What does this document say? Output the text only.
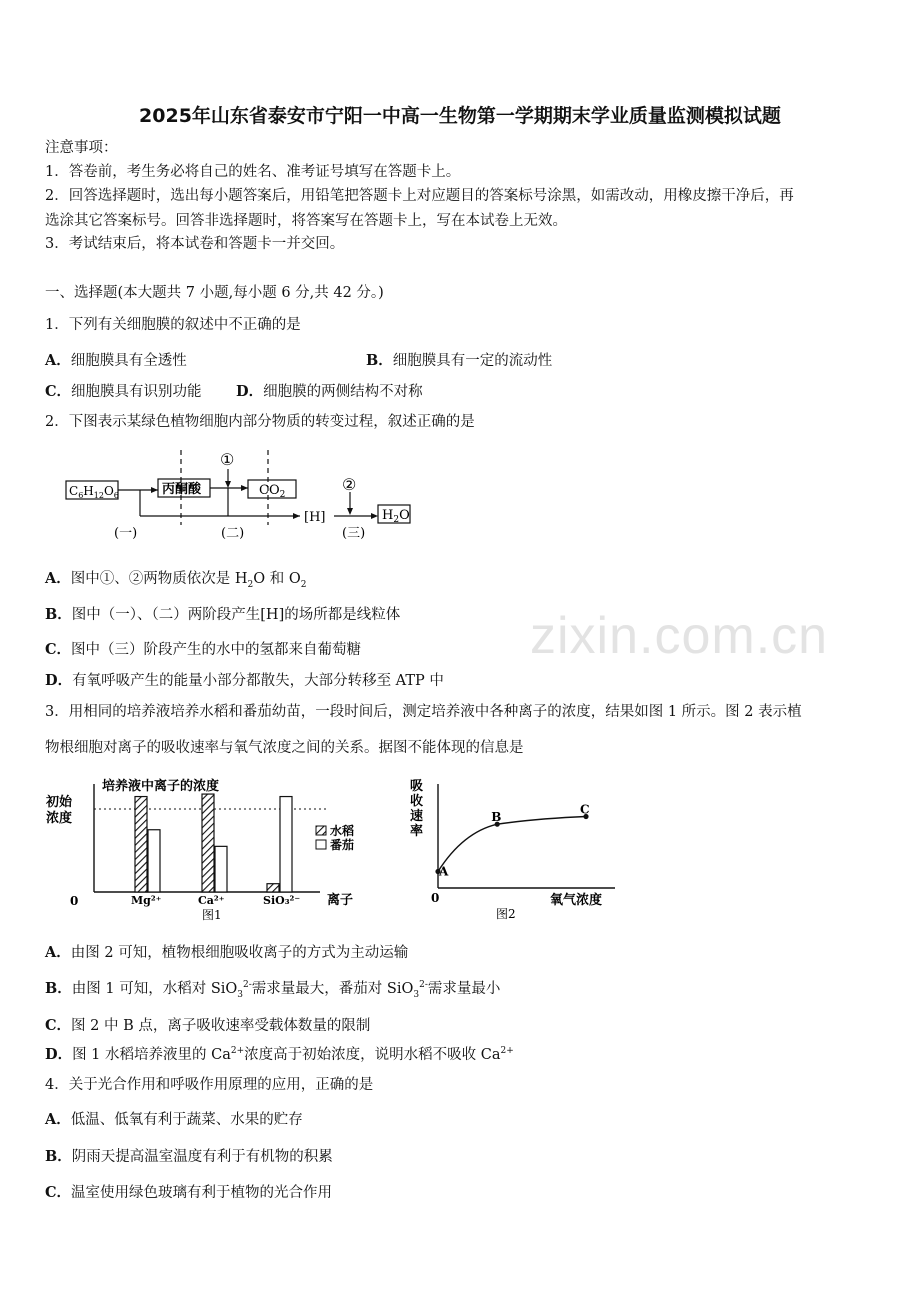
2025年山东省泰安市宁阳一中高一生物第一学期期末学业质量监测模拟试题
注意事项：
1．答卷前，考生务必将自己的姓名、准考证号填写在答题卡上。
2．回答选择题时，选出每小题答案后，用铅笔把答题卡上对应题目的答案标号涂黑，如需改动，用橡皮擦干净后，再
选涂其它答案标号。回答非选择题时，将答案写在答题卡上，写在本试卷上无效。
3．考试结束后，将本试卷和答题卡一并交回。
一、选择题(本大题共 7 小题,每小题 6 分,共 42 分。)
1．下列有关细胞膜的叙述中不正确的是
A．细胞膜具有全透性	B．细胞膜具有一定的流动性
C．细胞膜具有识别功能 D．细胞膜的两侧结构不对称
2．下图表示某绿色植物细胞内部分物质的转变过程，叙述正确的是
$C_6H_{12}O_6$	丙酮酸	$CO_2$
[H]	$H_2O$
①
②
(一)	(二)	(三)
A．图中①、②两物质依次是 $H_2O$ 和 $O_2$
B．图中（一）、（二）两阶段产生[H]的场所都是线粒体
C．图中（三）阶段产生的水中的氢都来自葡萄糖
D．有氧呼吸产生的能量小部分都散失，大部分转移至 ATP 中
zixin.com.cn
3．用相同的培养液培养水稻和番茄幼苗，一段时间后，测定培养液中各种离子的浓度，结果如图 1 所示。图 2 表示植
物根细胞对离子的吸收速率与氧气浓度之间的关系。据图不能体现的信息是
培养液中离子的浓度
初始浓度
0	Mg²⁺	Ca²⁺	SiO₃²⁻ 离子
图1
水稻
番茄
A
B
C
吸收速率
0	氧气浓度
图2
A．由图 2 可知，植物根细胞吸收离子的方式为主动运输
B．由图 1 可知，水稻对 SiO$_3^{2-}$需求量最大，番茄对 SiO$_3^{2-}$需求量最小
C．图 2 中 B 点，离子吸收速率受载体数量的限制
D．图 1 水稻培养液里的 $Ca^{2+}$浓度高于初始浓度，说明水稻不吸收 $Ca^{2+}$
4．关于光合作用和呼吸作用原理的应用，正确的是
A．低温、低氧有利于蔬菜、水果的贮存
B．阴雨天提高温室温度有利于有机物的积累
C．温室使用绿色玻璃有利于植物的光合作用
